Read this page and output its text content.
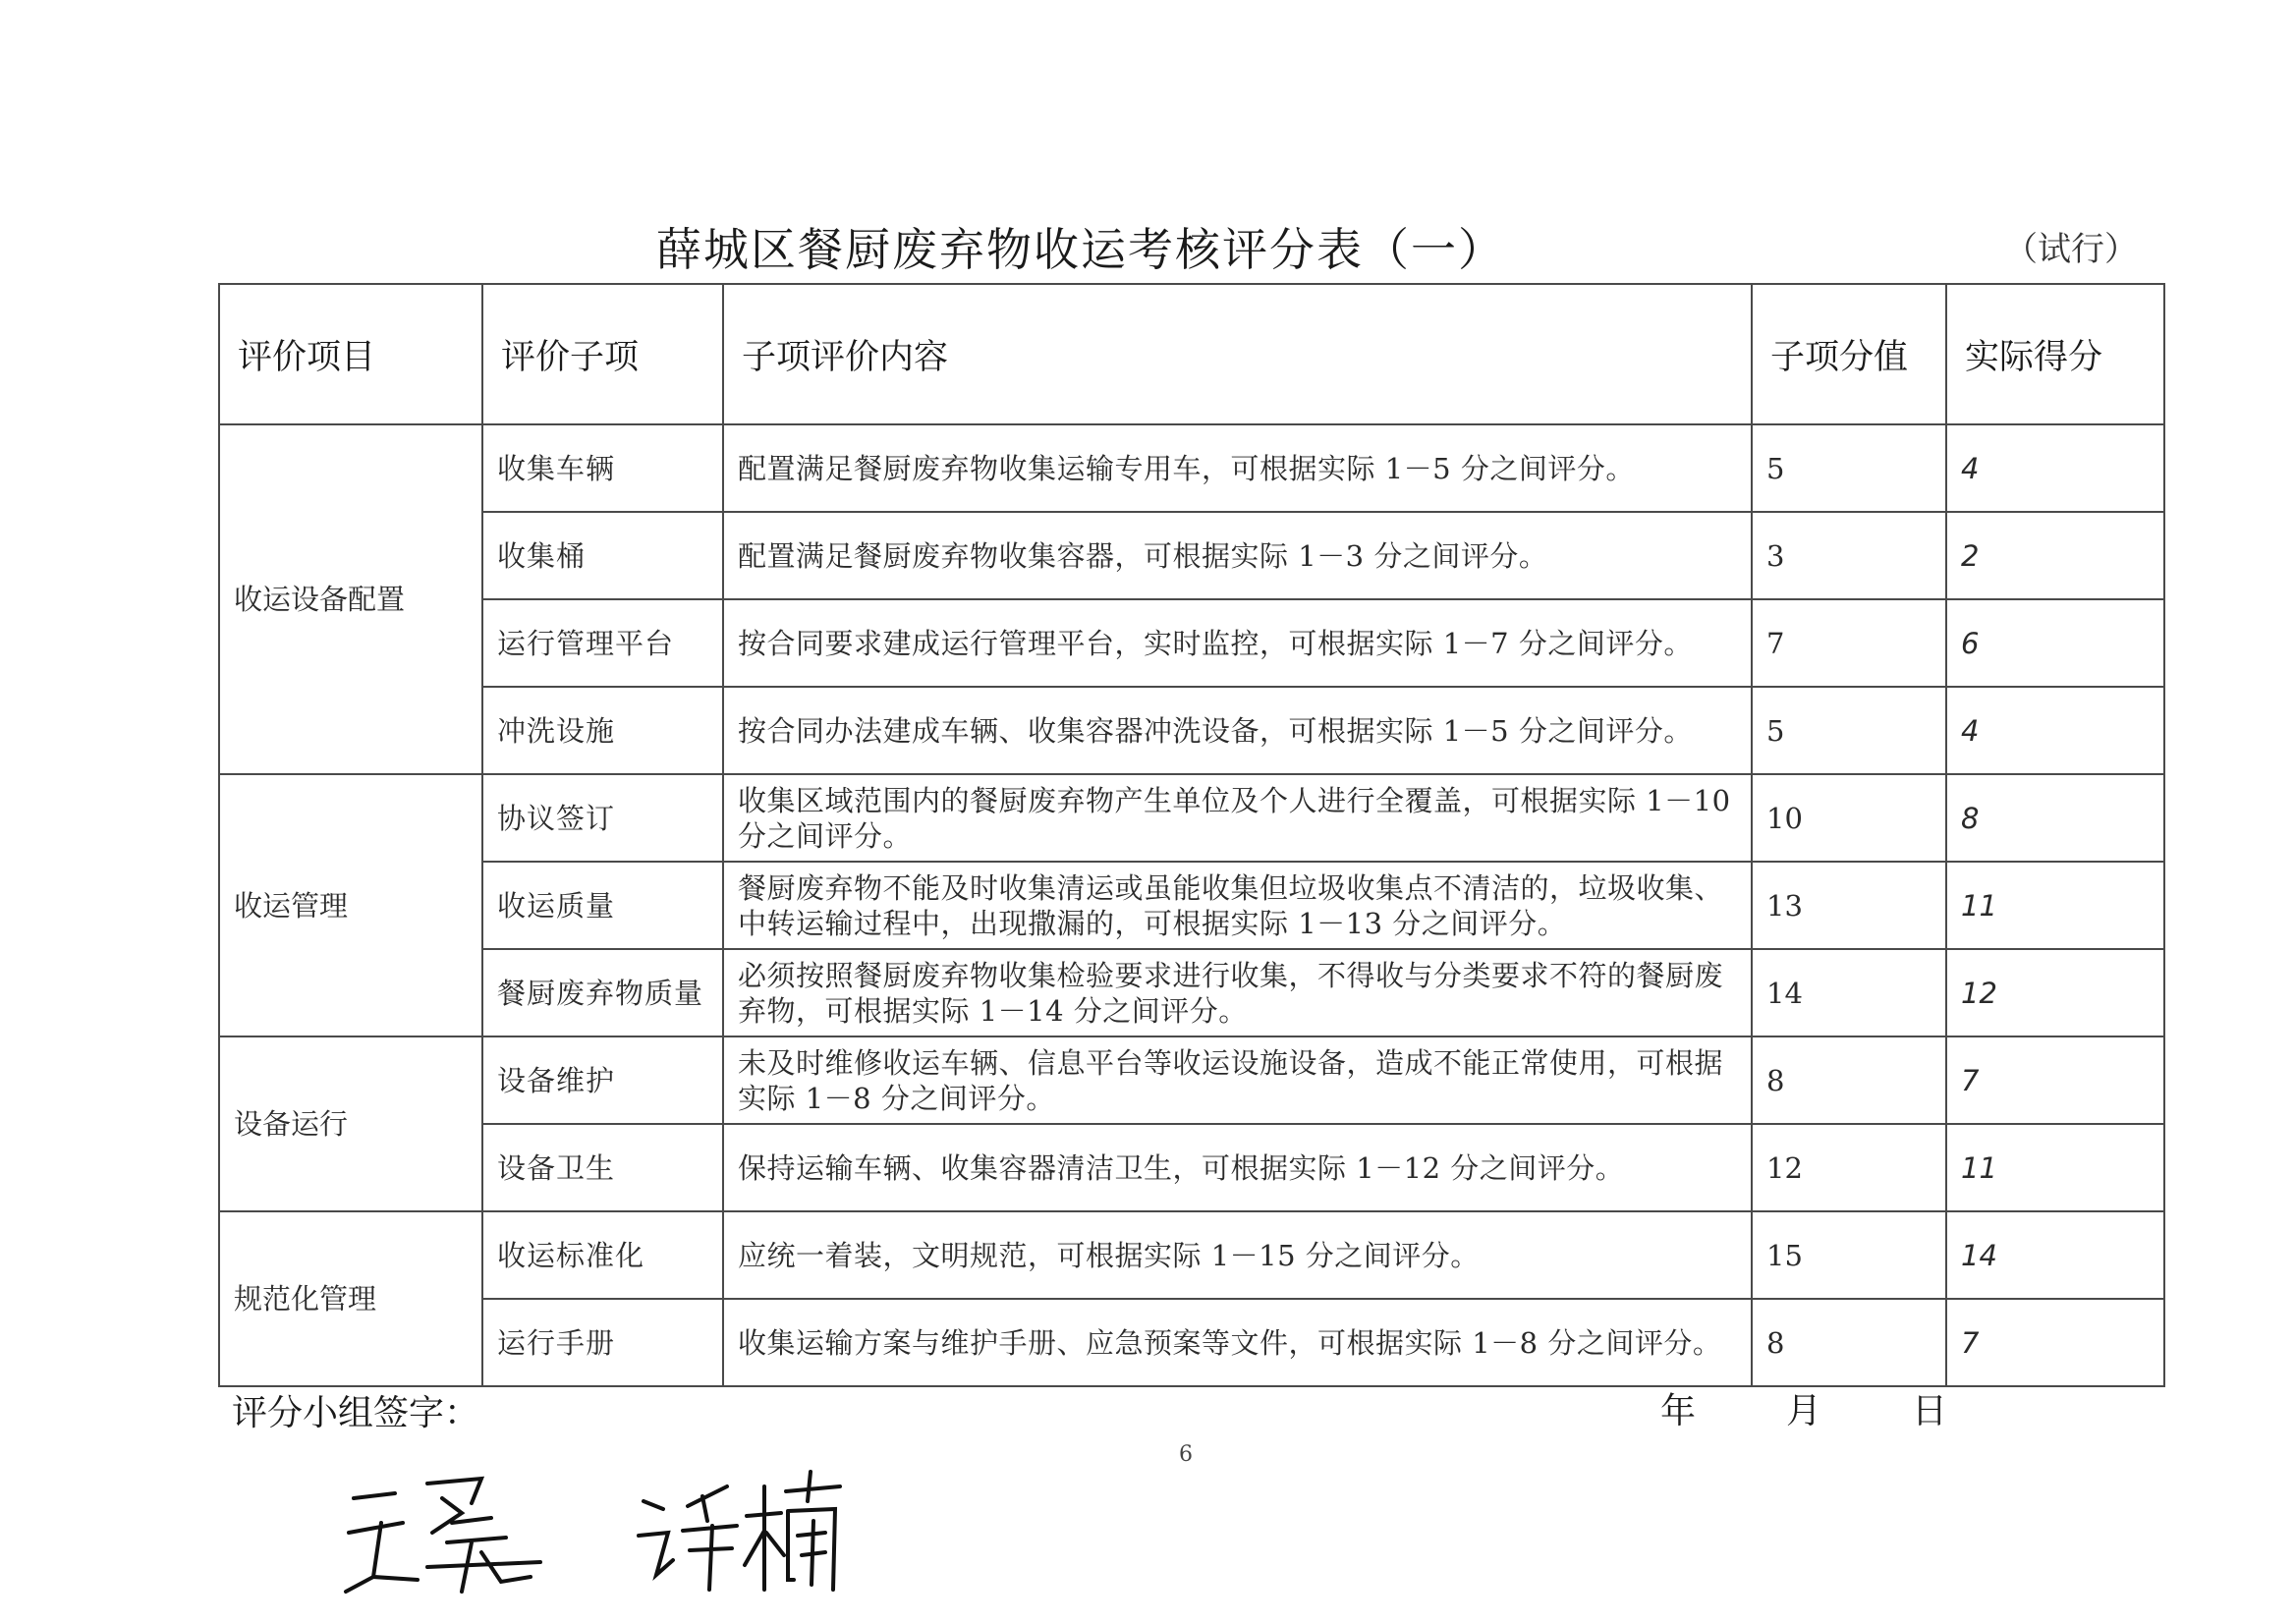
薛城区餐厨废弃物收运考核评分表（一）	（试行）
评价项目	评价子项	子项评价内容	子项分值	实际得分
收运设备配置	收集车辆	配置满足餐厨废弃物收集运输专用车，可根据实际 1－5 分之间评分。	5	4
	收集桶	配置满足餐厨废弃物收集容器，可根据实际 1－3 分之间评分。	3	2
	运行管理平台	按合同要求建成运行管理平台，实时监控，可根据实际 1－7 分之间评分。	7	6
	冲洗设施	按合同办法建成车辆、收集容器冲洗设备，可根据实际 1－5 分之间评分。	5	4
收运管理	协议签订	收集区域范围内的餐厨废弃物产生单位及个人进行全覆盖，可根据实际 1－10 分之间评分。	10	8
	收运质量	餐厨废弃物不能及时收集清运或虽能收集但垃圾收集点不清洁的，垃圾收集、中转运输过程中，出现撒漏的，可根据实际 1－13 分之间评分。	13	11
	餐厨废弃物质量	必须按照餐厨废弃物收集检验要求进行收集，不得收与分类要求不符的餐厨废弃物，可根据实际 1－14 分之间评分。	14	12
设备运行	设备维护	未及时维修收运车辆、信息平台等收运设施设备，造成不能正常使用，可根据实际 1－8 分之间评分。	8	7
	设备卫生	保持运输车辆、收集容器清洁卫生，可根据实际 1－12 分之间评分。	12	11
规范化管理	收运标准化	应统一着装，文明规范，可根据实际 1－15 分之间评分。	15	14
	运行手册	收集运输方案与维护手册、应急预案等文件，可根据实际 1－8 分之间评分。	8	7
评分小组签字：	年	月	日
6
